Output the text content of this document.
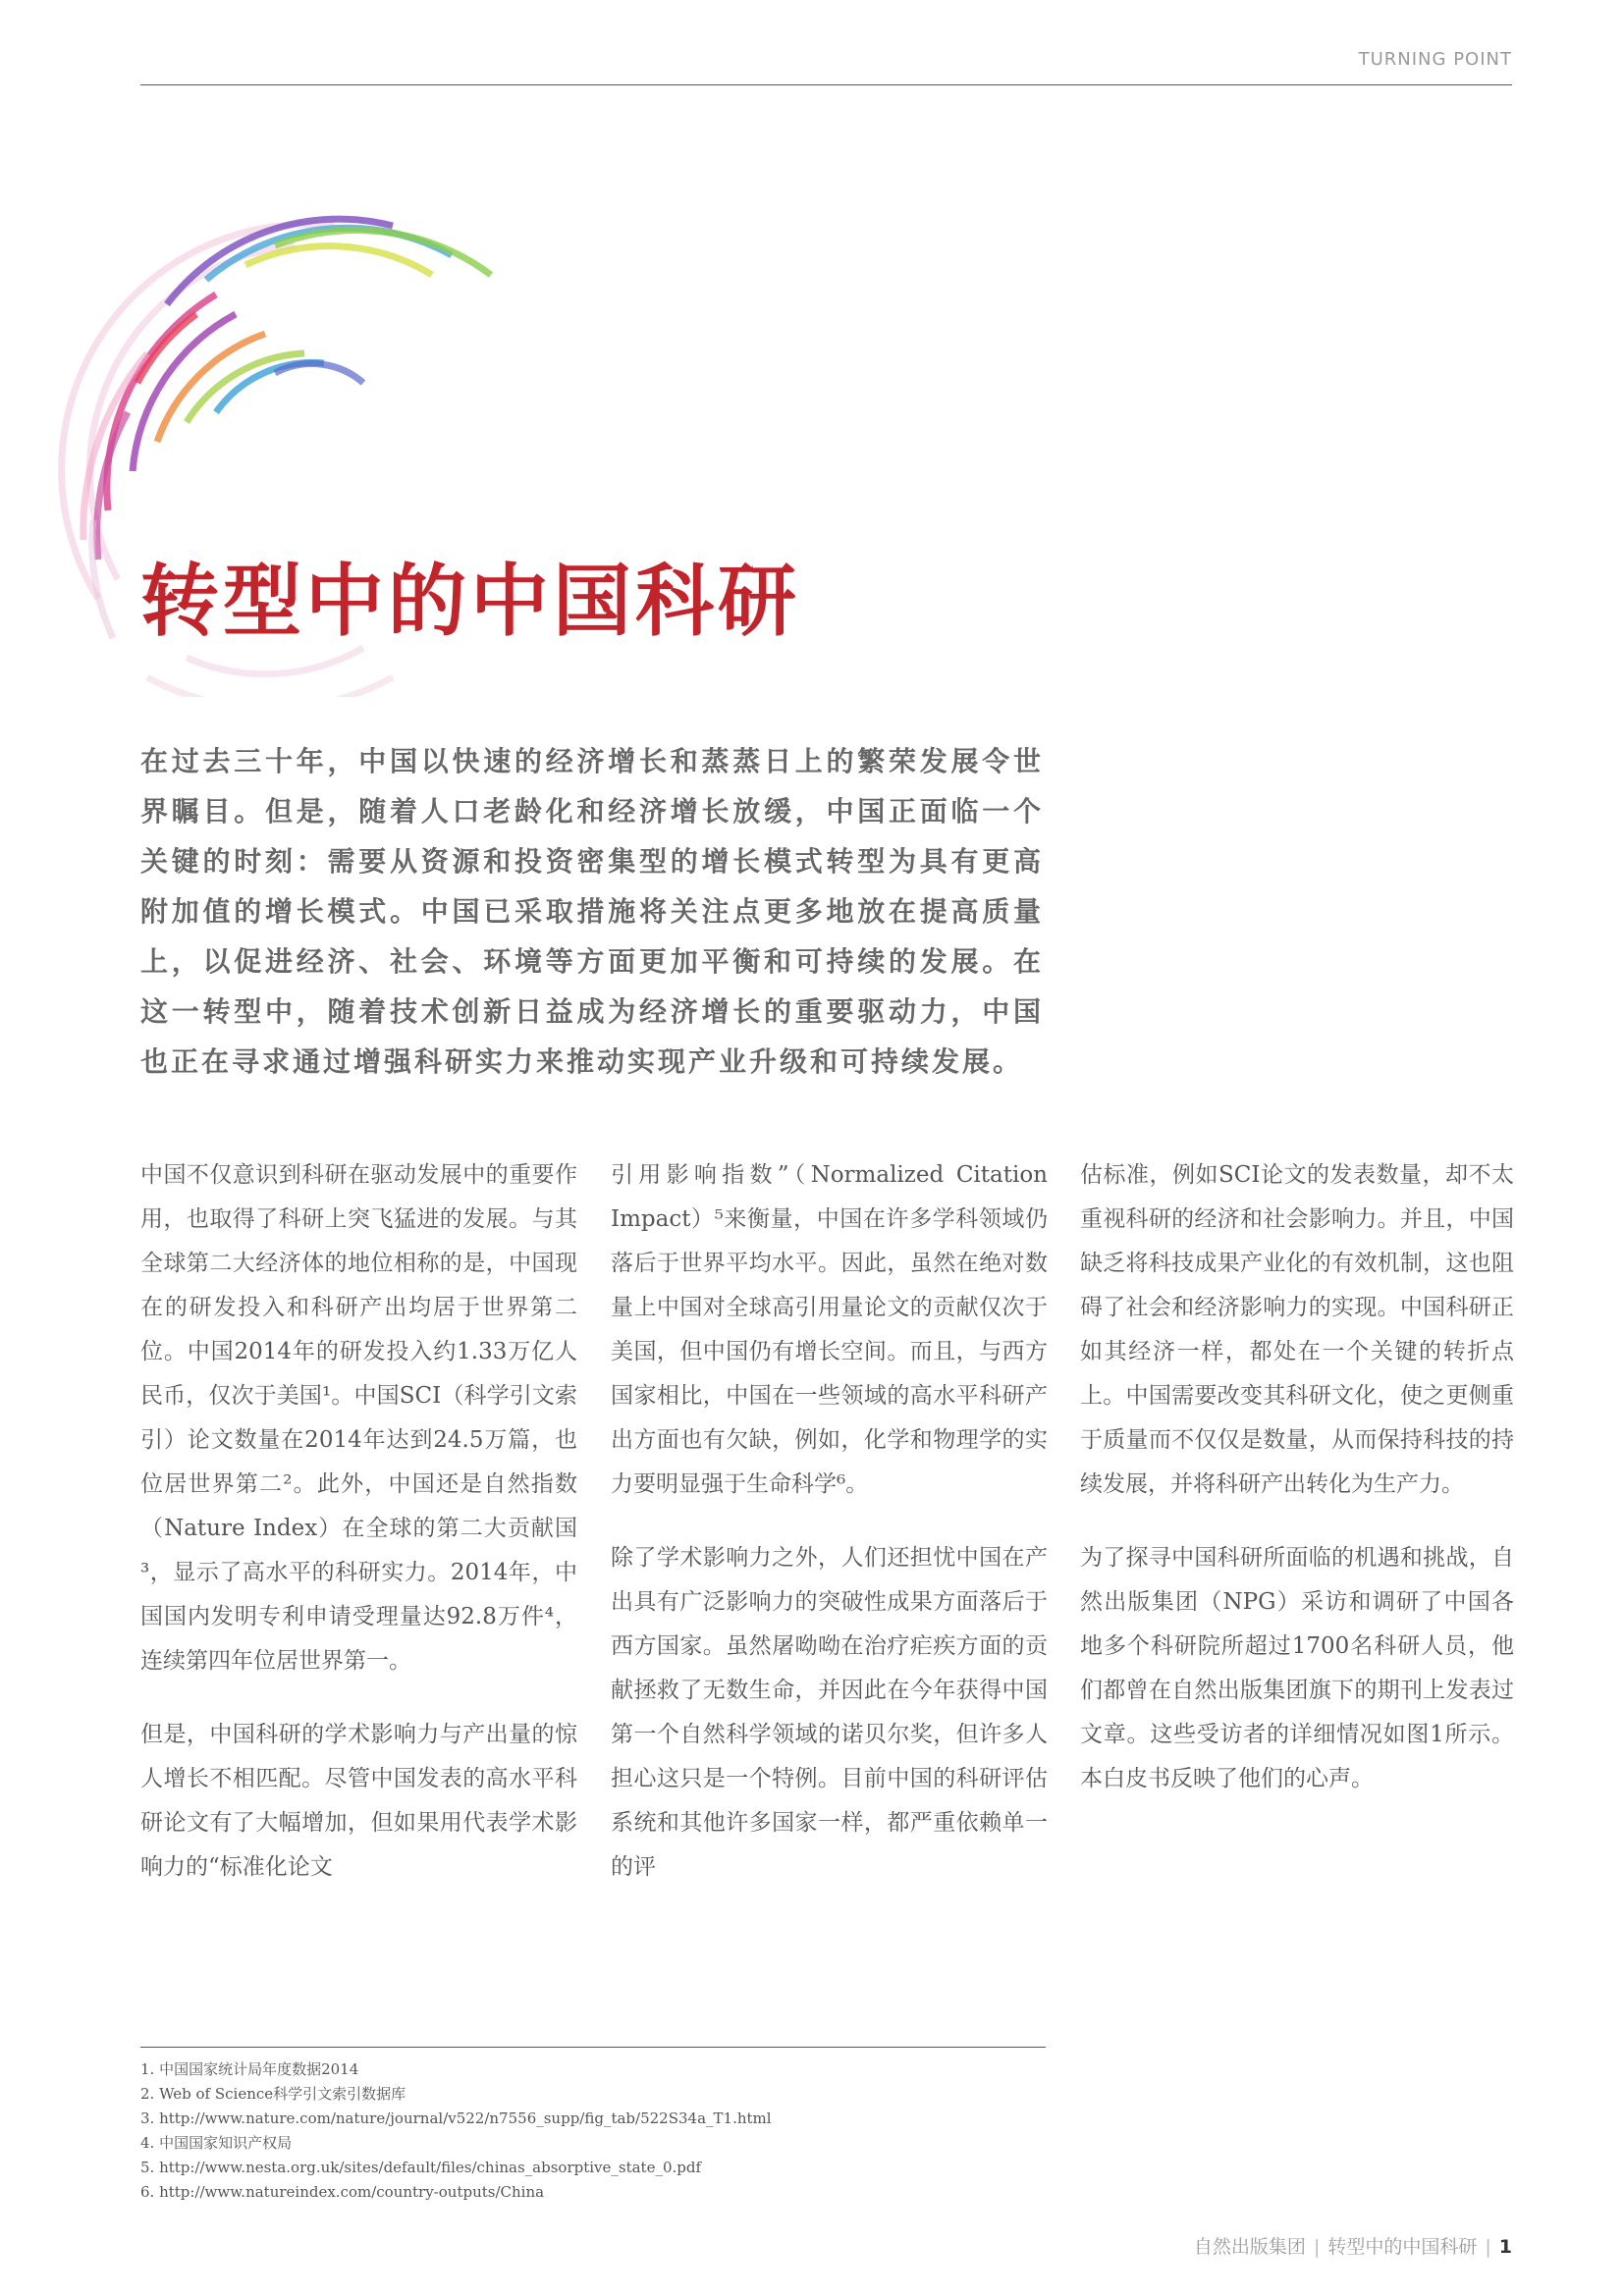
TURNING POINT
转型中的中国科研

在过去三十年，中国以快速的经济增长和蒸蒸日上的繁荣发展令世界瞩目。但是，随着人口老龄化和经济增长放缓，中国正面临一个关键的时刻：需要从资源和投资密集型的增长模式转型为具有更高附加值的增长模式。中国已采取措施将关注点更多地放在提高质量上，以促进经济、社会、环境等方面更加平衡和可持续的发展。在这一转型中，随着技术创新日益成为经济增长的重要驱动力，中国也正在寻求通过增强科研实力来推动实现产业升级和可持续发展。

中国不仅意识到科研在驱动发展中的重要作用，也取得了科研上突飞猛进的发展。与其全球第二大经济体的地位相称的是，中国现在的研发投入和科研产出均居于世界第二位。中国2014年的研发投入约1.33万亿人民币，仅次于美国¹。中国SCI（科学引文索引）论文数量在2014年达到24.5万篇，也位居世界第二²。此外，中国还是自然指数（Nature Index）在全球的第二大贡献国³，显示了高水平的科研实力。2014年，中国国内发明专利申请受理量达92.8万件⁴，连续第四年位居世界第一。

但是，中国科研的学术影响力与产出量的惊人增长不相匹配。尽管中国发表的高水平科研论文有了大幅增加，但如果用代表学术影响力的“标准化论文

引用影响指数”（Normalized Citation Impact）⁵来衡量，中国在许多学科领域仍落后于世界平均水平。因此，虽然在绝对数量上中国对全球高引用量论文的贡献仅次于美国，但中国仍有增长空间。而且，与西方国家相比，中国在一些领域的高水平科研产出方面也有欠缺，例如，化学和物理学的实力要明显强于生命科学⁶。

除了学术影响力之外，人们还担忧中国在产出具有广泛影响力的突破性成果方面落后于西方国家。虽然屠呦呦在治疗疟疾方面的贡献拯救了无数生命，并因此在今年获得中国第一个自然科学领域的诺贝尔奖，但许多人担心这只是一个特例。目前中国的科研评估系统和其他许多国家一样，都严重依赖单一的评

估标准，例如SCI论文的发表数量，却不太重视科研的经济和社会影响力。并且，中国缺乏将科技成果产业化的有效机制，这也阻碍了社会和经济影响力的实现。中国科研正如其经济一样，都处在一个关键的转折点上。中国需要改变其科研文化，使之更侧重于质量而不仅仅是数量，从而保持科技的持续发展，并将科研产出转化为生产力。

为了探寻中国科研所面临的机遇和挑战，自然出版集团（NPG）采访和调研了中国各地多个科研院所超过1700名科研人员，他们都曾在自然出版集团旗下的期刊上发表过文章。这些受访者的详细情况如图1所示。本白皮书反映了他们的心声。

1. 中国国家统计局年度数据2014
2. Web of Science科学引文索引数据库
3. http://www.nature.com/nature/journal/v522/n7556_supp/fig_tab/522S34a_T1.html
4. 中国国家知识产权局
5. http://www.nesta.org.uk/sites/default/files/chinas_absorptive_state_0.pdf
6. http://www.natureindex.com/country-outputs/China
自然出版集团 | 转型中的中国科研 | 1
